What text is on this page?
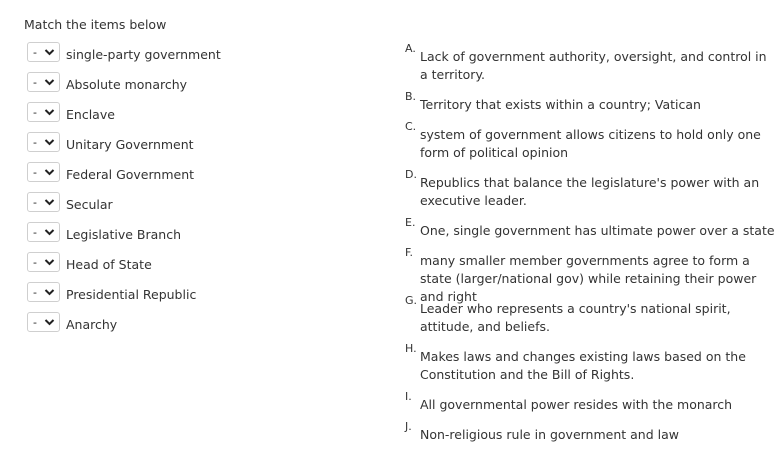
Match the items below
- single-party government
- Absolute monarchy
- Enclave
- Unitary Government
- Federal Government
- Secular
- Legislative Branch
- Head of State
- Presidential Republic
- Anarchy
A.
Lack of government authority, oversight, and control in a territory.
B.
Territory that exists within a country; Vatican
C.
system of government allows citizens to hold only one form of political opinion
D.
Republics that balance the legislature's power with an executive leader.
E.
One, single government has ultimate power over a state
F.
many smaller member governments agree to form a state (larger/national gov) while retaining their power and right
G.
Leader who represents a country's national spirit, attitude, and beliefs.
H.
Makes laws and changes existing laws based on the Constitution and the Bill of Rights.
I.
All governmental power resides with the monarch
J.
Non-religious rule in government and law
